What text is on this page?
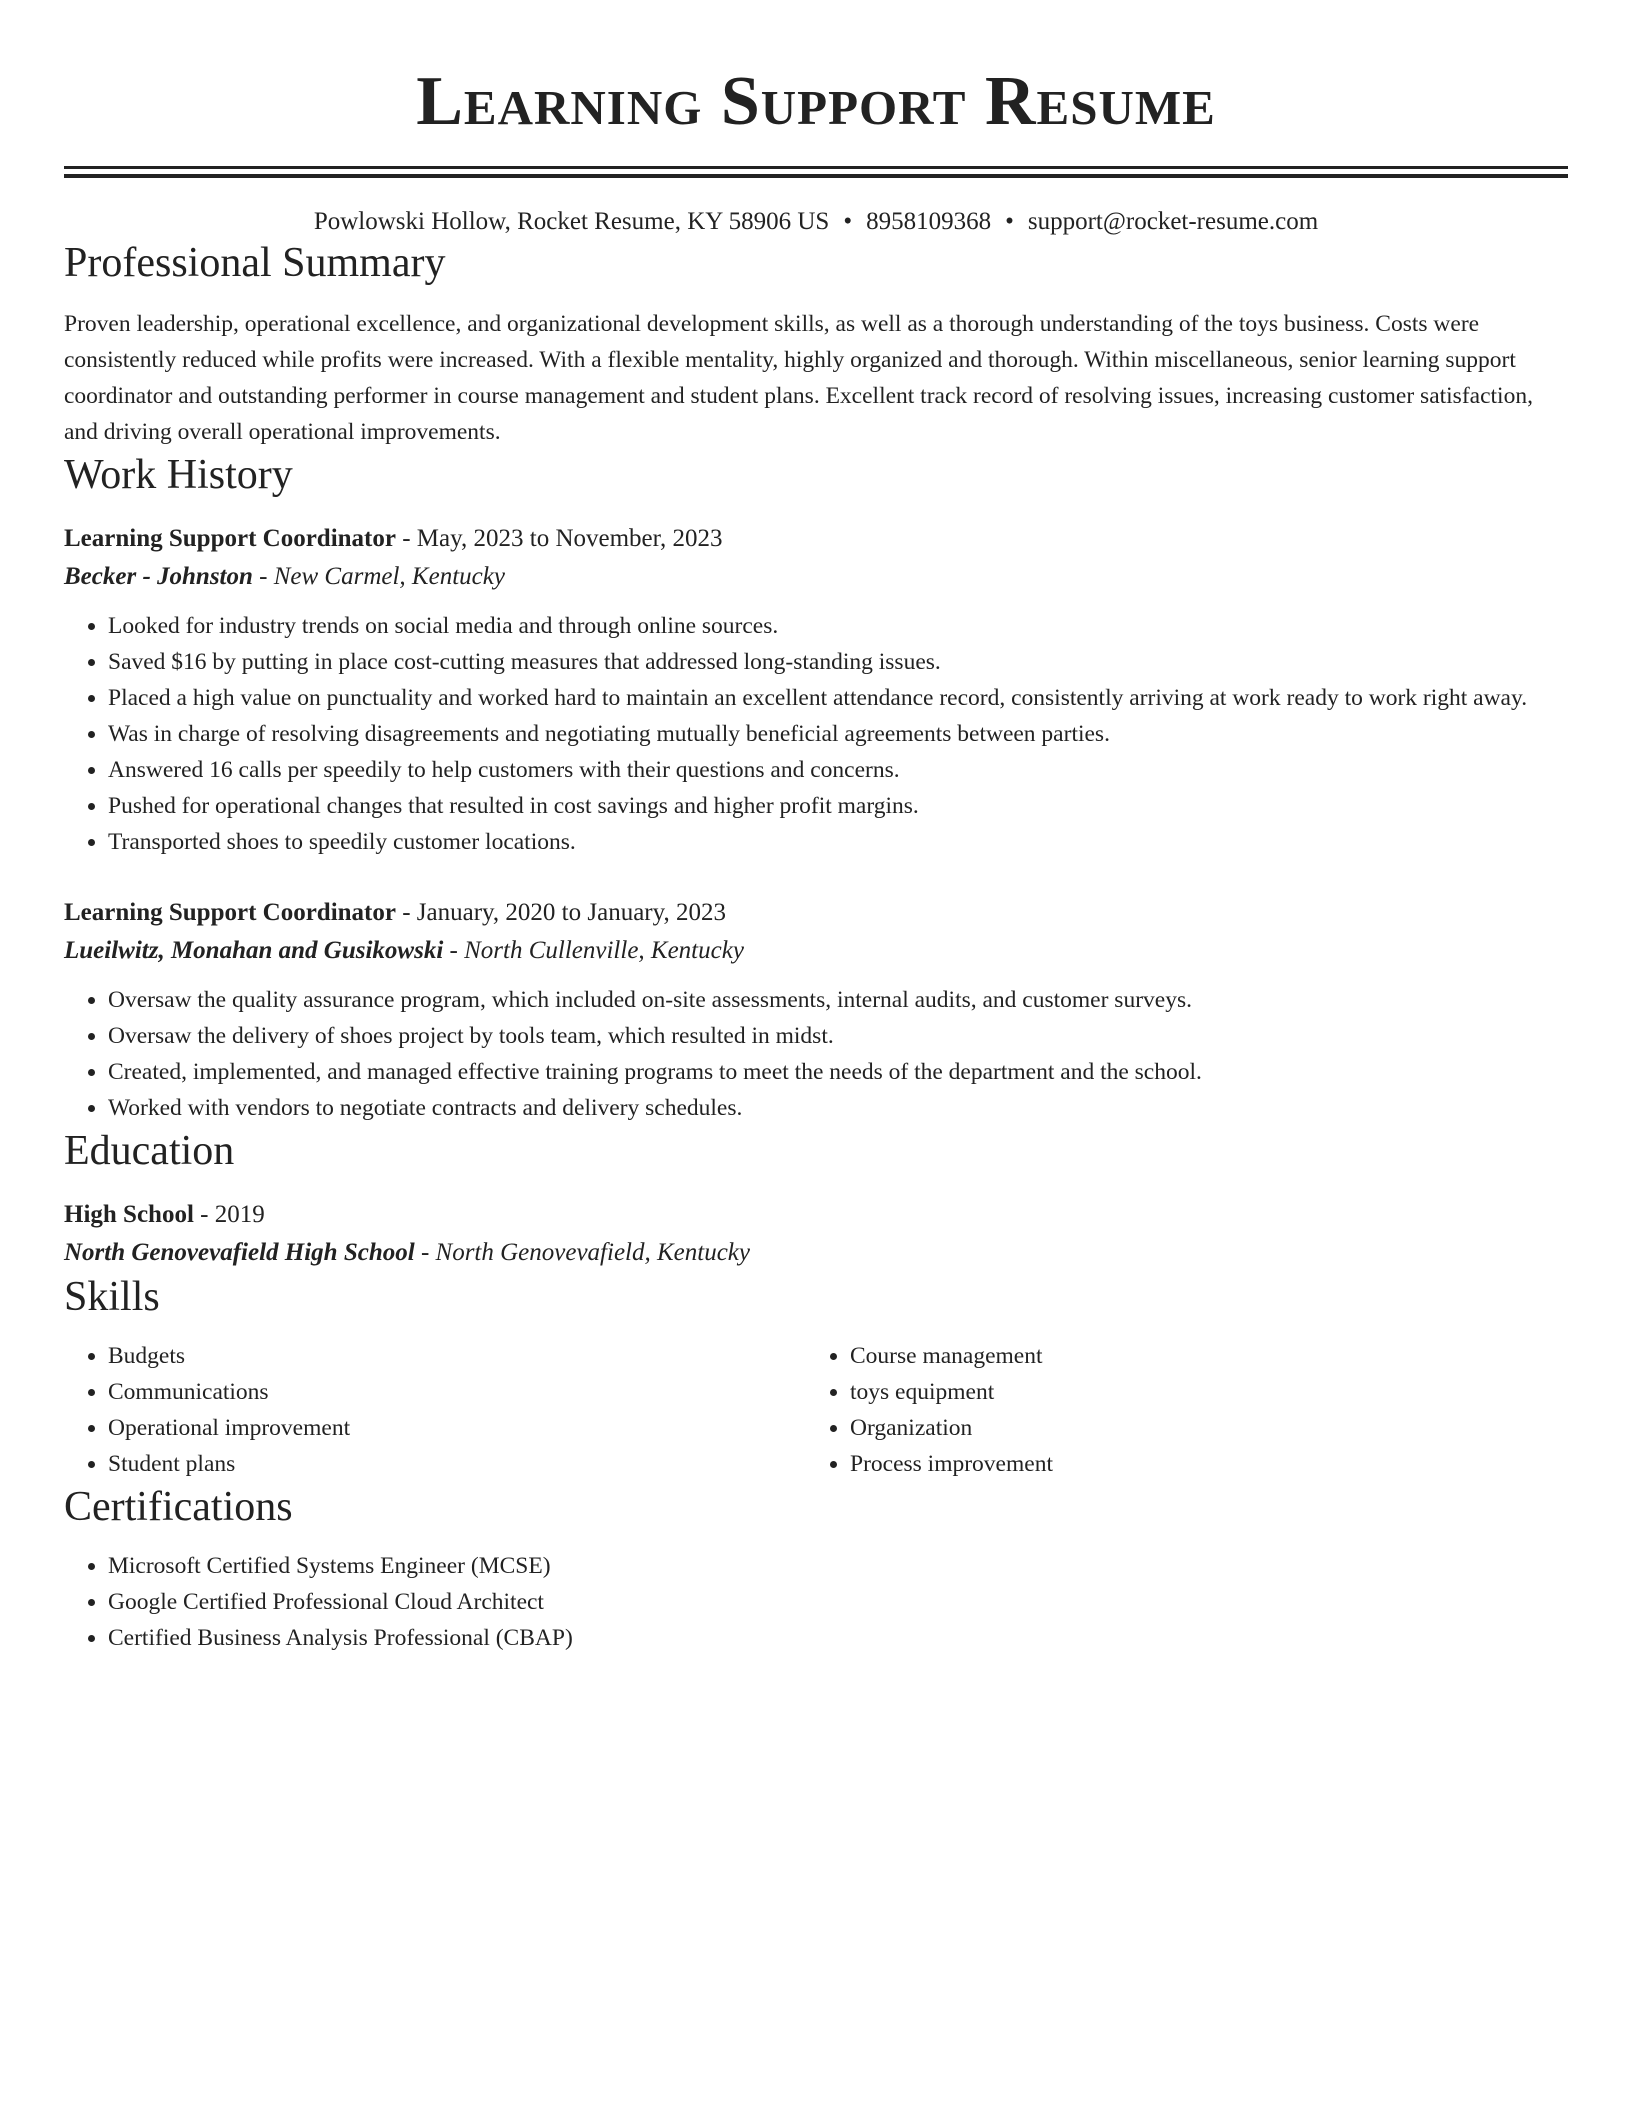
Learning Support Resume
Powlowski Hollow, Rocket Resume, KY 58906 US • 8958109368 • support@rocket-resume.com
Professional Summary

Proven leadership, operational excellence, and organizational development skills, as well as a thorough understanding of the toys business. Costs were consistently reduced while profits were increased. With a flexible mentality, highly organized and thorough. Within miscellaneous, senior learning support coordinator and outstanding performer in course management and student plans. Excellent track record of resolving issues, increasing customer satisfaction, and driving overall operational improvements.

Work History
Learning Support Coordinator - May, 2023 to November, 2023
Becker - Johnston - New Carmel, Kentucky
• Looked for industry trends on social media and through online sources.
• Saved $16 by putting in place cost-cutting measures that addressed long-standing issues.
• Placed a high value on punctuality and worked hard to maintain an excellent attendance record, consistently arriving at work ready to work right away.
• Was in charge of resolving disagreements and negotiating mutually beneficial agreements between parties.
• Answered 16 calls per speedily to help customers with their questions and concerns.
• Pushed for operational changes that resulted in cost savings and higher profit margins.
• Transported shoes to speedily customer locations.
Learning Support Coordinator - January, 2020 to January, 2023
Lueilwitz, Monahan and Gusikowski - North Cullenville, Kentucky
• Oversaw the quality assurance program, which included on-site assessments, internal audits, and customer surveys.
• Oversaw the delivery of shoes project by tools team, which resulted in midst.
• Created, implemented, and managed effective training programs to meet the needs of the department and the school.
• Worked with vendors to negotiate contracts and delivery schedules.
Education
High School - 2019
North Genovevafield High School - North Genovevafield, Kentucky
Skills
• Budgets
• Communications
• Operational improvement
• Student plans
• Course management
• toys equipment
• Organization
• Process improvement
Certifications
• Microsoft Certified Systems Engineer (MCSE)
• Google Certified Professional Cloud Architect
• Certified Business Analysis Professional (CBAP)
